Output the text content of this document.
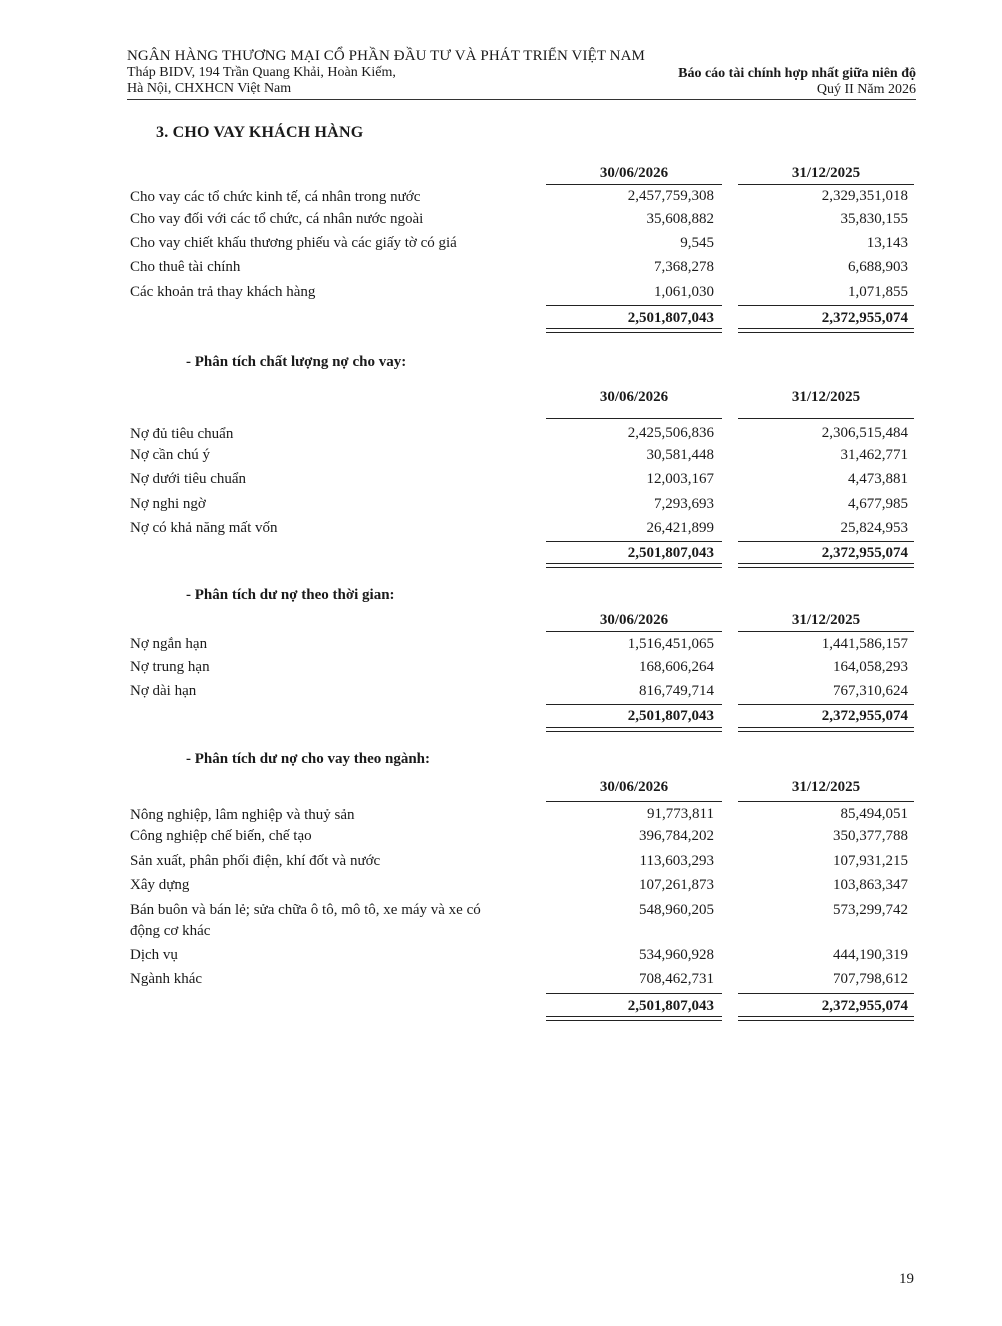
NGÂN HÀNG THƯƠNG MẠI CỔ PHẦN ĐẦU TƯ VÀ PHÁT TRIỂN VIỆT NAM
Tháp BIDV, 194 Trần Quang Khải, Hoàn Kiếm,
Hà Nội, CHXHCN Việt Nam
Báo cáo tài chính hợp nhất giữa niên độ
Quý II Năm 2026
3. CHO VAY KHÁCH HÀNG
30/06/2026	31/12/2025
Cho vay các tổ chức kinh tế, cá nhân trong nước	2,457,759,308	2,329,351,018
Cho vay đối với các tổ chức, cá nhân nước ngoài	35,608,882	35,830,155
Cho vay chiết khấu thương phiếu và các giấy tờ có giá	9,545	13,143
Cho thuê tài chính	7,368,278	6,688,903
Các khoản trả thay khách hàng	1,061,030	1,071,855
2,501,807,043	2,372,955,074
- Phân tích chất lượng nợ cho vay:
30/06/2026	31/12/2025
Nợ đủ tiêu chuẩn	2,425,506,836	2,306,515,484
Nợ cần chú ý	30,581,448	31,462,771
Nợ dưới tiêu chuẩn	12,003,167	4,473,881
Nợ nghi ngờ	7,293,693	4,677,985
Nợ có khả năng mất vốn	26,421,899	25,824,953
2,501,807,043	2,372,955,074
- Phân tích dư nợ theo thời gian:
30/06/2026	31/12/2025
Nợ ngắn hạn	1,516,451,065	1,441,586,157
Nợ trung hạn	168,606,264	164,058,293
Nợ dài hạn	816,749,714	767,310,624
2,501,807,043	2,372,955,074
- Phân tích dư nợ cho vay theo ngành:
30/06/2026	31/12/2025
Nông nghiệp, lâm nghiệp và thuỷ sản	91,773,811	85,494,051
Công nghiệp chế biến, chế tạo	396,784,202	350,377,788
Sản xuất, phân phối điện, khí đốt và nước	113,603,293	107,931,215
Xây dựng	107,261,873	103,863,347
Bán buôn và bán lẻ; sửa chữa ô tô, mô tô, xe máy và xe có
động cơ khác
548,960,205	573,299,742
Dịch vụ	534,960,928	444,190,319
Ngành khác	708,462,731	707,798,612
2,501,807,043	2,372,955,074
19
